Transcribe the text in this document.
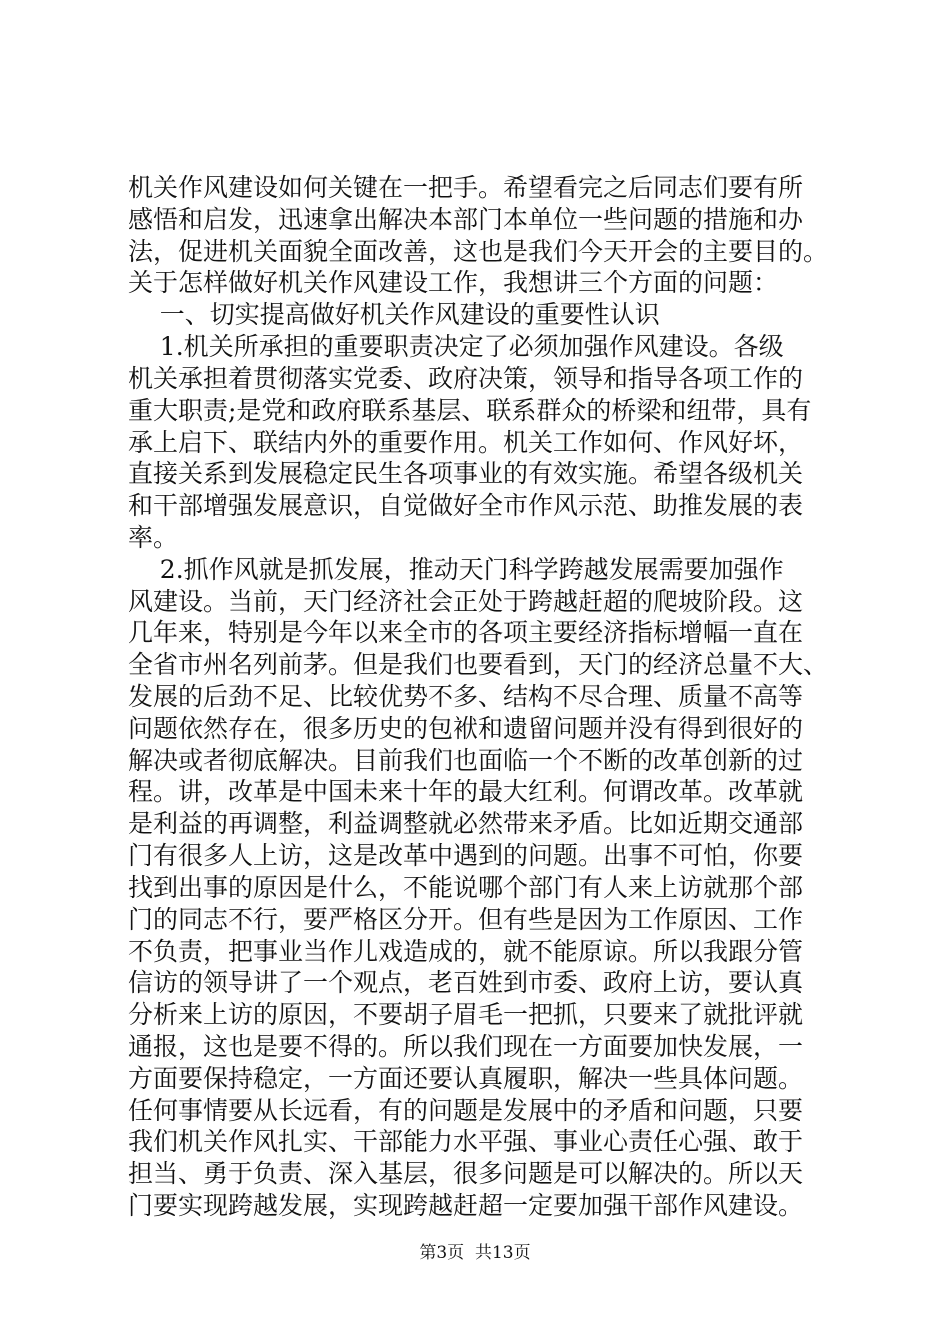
机关作风建设如何关键在一把手。希望看完之后同志们要有所
感悟和启发，迅速拿出解决本部门本单位一些问题的措施和办
法，促进机关面貌全面改善，这也是我们今天开会的主要目的。
关于怎样做好机关作风建设工作，我想讲三个方面的问题：
一、切实提高做好机关作风建设的重要性认识
1.机关所承担的重要职责决定了必须加强作风建设。各级
机关承担着贯彻落实党委、政府决策，领导和指导各项工作的
重大职责;是党和政府联系基层、联系群众的桥梁和纽带，具有
承上启下、联结内外的重要作用。机关工作如何、作风好坏，
直接关系到发展稳定民生各项事业的有效实施。希望各级机关
和干部增强发展意识，自觉做好全市作风示范、助推发展的表
率。
2.抓作风就是抓发展，推动天门科学跨越发展需要加强作
风建设。当前，天门经济社会正处于跨越赶超的爬坡阶段。这
几年来，特别是今年以来全市的各项主要经济指标增幅一直在
全省市州名列前茅。但是我们也要看到，天门的经济总量不大、
发展的后劲不足、比较优势不多、结构不尽合理、质量不高等
问题依然存在，很多历史的包袱和遗留问题并没有得到很好的
解决或者彻底解决。目前我们也面临一个不断的改革创新的过
程。讲，改革是中国未来十年的最大红利。何谓改革。改革就
是利益的再调整，利益调整就必然带来矛盾。比如近期交通部
门有很多人上访，这是改革中遇到的问题。出事不可怕，你要
找到出事的原因是什么，不能说哪个部门有人来上访就那个部
门的同志不行，要严格区分开。但有些是因为工作原因、工作
不负责，把事业当作儿戏造成的，就不能原谅。所以我跟分管
信访的领导讲了一个观点，老百姓到市委、政府上访，要认真
分析来上访的原因，不要胡子眉毛一把抓，只要来了就批评就
通报，这也是要不得的。所以我们现在一方面要加快发展，一
方面要保持稳定，一方面还要认真履职，解决一些具体问题。
任何事情要从长远看，有的问题是发展中的矛盾和问题，只要
我们机关作风扎实、干部能力水平强、事业心责任心强、敢于
担当、勇于负责、深入基层，很多问题是可以解决的。所以天
门要实现跨越发展，实现跨越赶超一定要加强干部作风建设。
第3页  共13页
